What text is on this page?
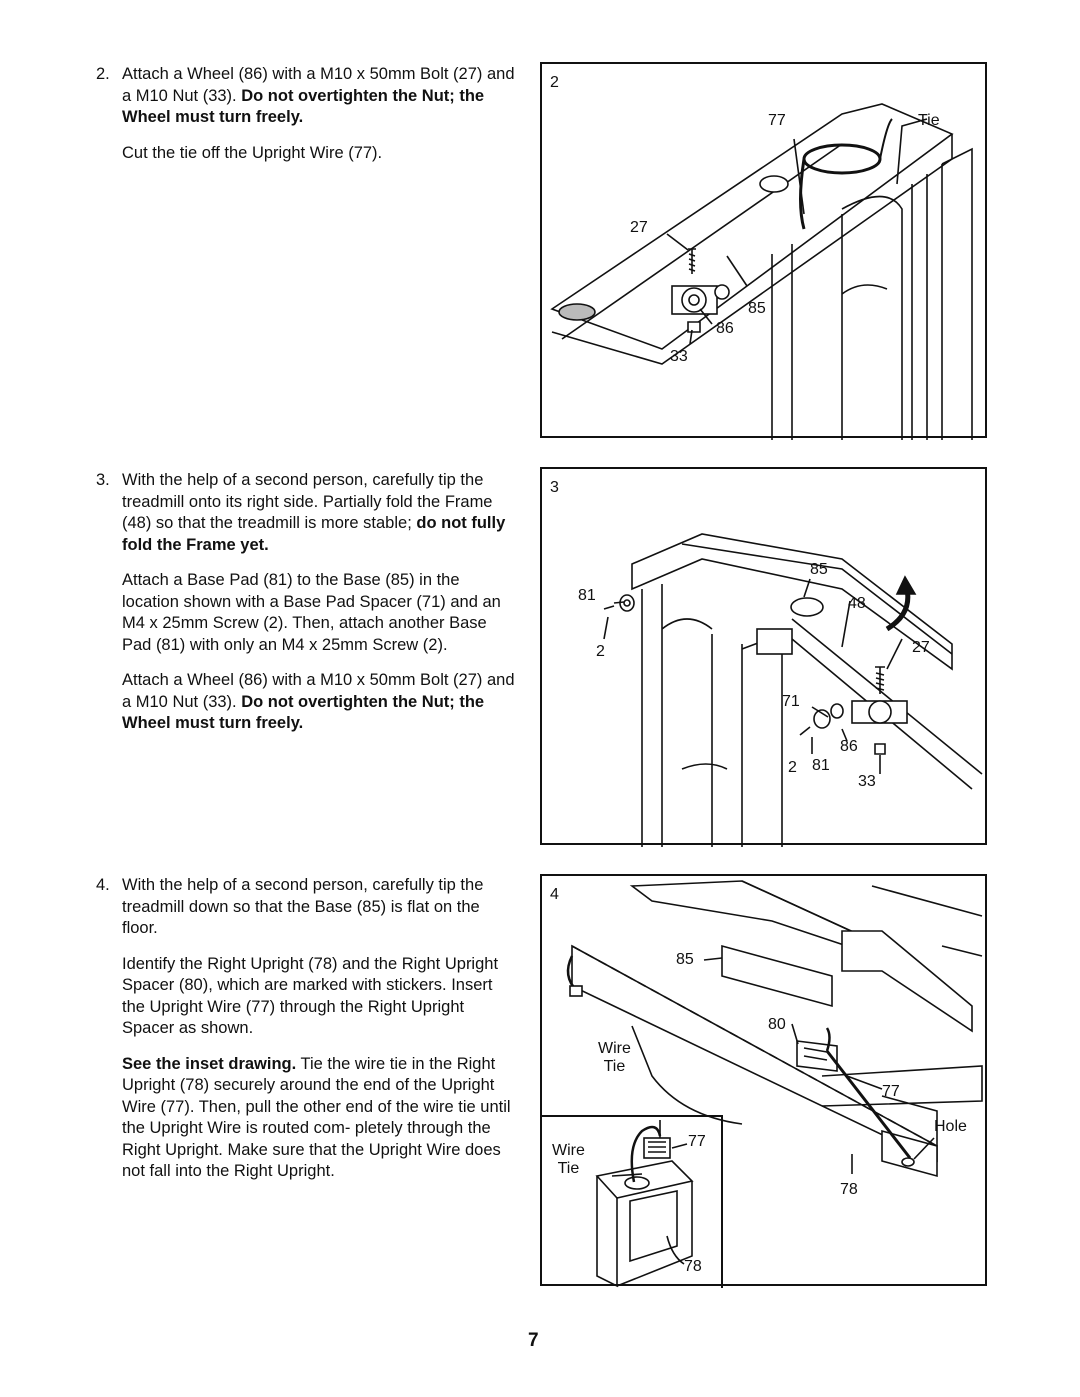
2. Attach a Wheel (86) with a M10 x 50mm Bolt (27) and a M10 Nut (33). Do not overtighten the Nut; the Wheel must turn freely.

Cut the tie off the Upright Wire (77).

3. With the help of a second person, carefully tip the treadmill onto its right side. Partially fold the Frame (48) so that the treadmill is more stable; do not fully fold the Frame yet.

Attach a Base Pad (81) to the Base (85) in the location shown with a Base Pad Spacer (71) and an M4 x 25mm Screw (2). Then, attach another Base Pad (81) with only an M4 x 25mm Screw (2).

Attach a Wheel (86) with a M10 x 50mm Bolt (27) and a M10 Nut (33). Do not overtighten the Nut; the Wheel must turn freely.

4. With the help of a second person, carefully tip the treadmill down so that the Base (85) is flat on the floor.

Identify the Right Upright (78) and the Right Upright Spacer (80), which are marked with stickers. Insert the Upright Wire (77) through the Right Upright Spacer as shown.

See the inset drawing. Tie the wire tie in the Right Upright (78) securely around the end of the Upright Wire (77). Then, pull the other end of the wire tie until the Upright Wire is routed com- pletely through the Right Upright. Make sure that the Upright Wire does not fall into the Right Upright.

2
77	Tie
27
85
86
33
3
85
81	48
27
2
71
86
2 81
33
4
85
80
Wire
Tie
77
Hole
78
Wire
Tie
77
78
7
